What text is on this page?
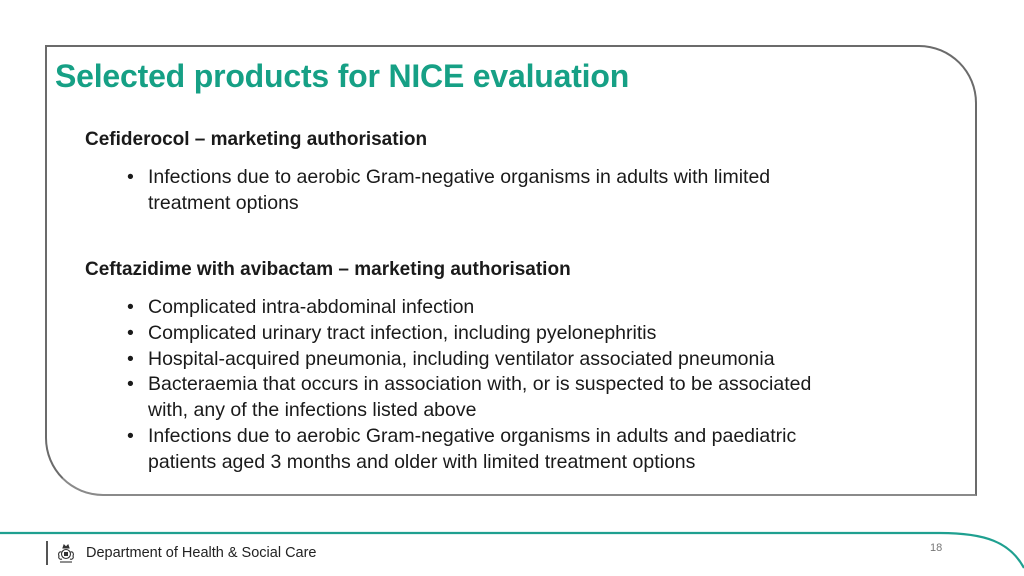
Selected products for NICE evaluation
Cefiderocol – marketing authorisation
• Infections due to aerobic Gram-negative organisms in adults with limited
treatment options
Ceftazidime with avibactam – marketing authorisation
• Complicated intra-abdominal infection
• Complicated urinary tract infection, including pyelonephritis
• Hospital-acquired pneumonia, including ventilator associated pneumonia
• Bacteraemia that occurs in association with, or is suspected to be associated
with, any of the infections listed above
• Infections due to aerobic Gram-negative organisms in adults and paediatric
patients aged 3 months and older with limited treatment options
Department of Health & Social Care	18
